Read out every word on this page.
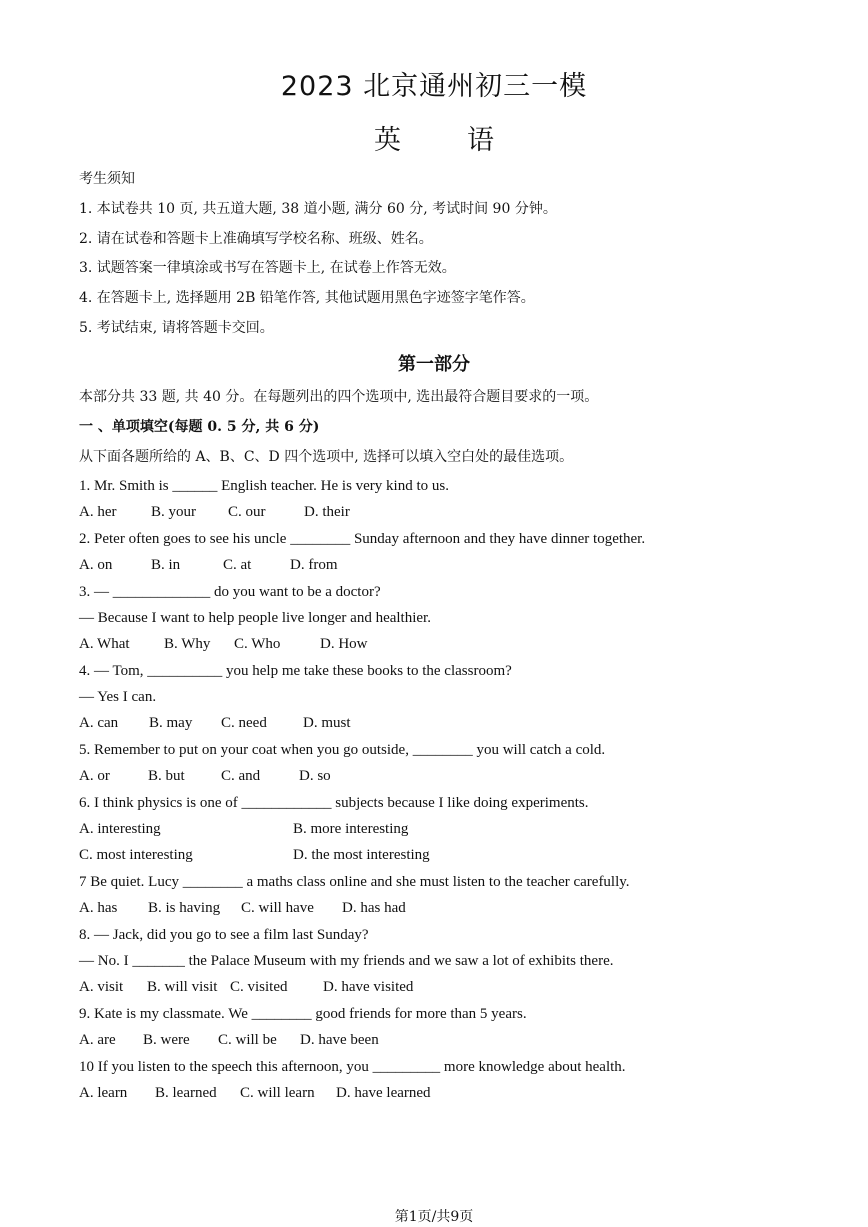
2023 北京通州初三一模
英 语
考生须知
1. 本试卷共 10 页, 共五道大题, 38 道小题, 满分 60 分, 考试时间 90 分钟。
2. 请在试卷和答题卡上准确填写学校名称、班级、姓名。
3. 试题答案一律填涂或书写在答题卡上, 在试卷上作答无效。
4. 在答题卡上, 选择题用 2B 铅笔作答, 其他试题用黑色字迹签字笔作答。
5. 考试结束, 请将答题卡交回。
第一部分
本部分共 33 题, 共 40 分。在每题列出的四个选项中, 选出最符合题目要求的一项。
一 、单项填空(每题 0. 5 分, 共 6 分)
从下面各题所给的 A、B、C、D 四个选项中, 选择可以填入空白处的最佳选项。
1. Mr. Smith is ______ English teacher. He is very kind to us.
A. her B. your C. our	D. their
2. Peter often goes to see his uncle ________ Sunday afternoon and they have dinner together.
A. on	B. in	C. at	D. from
3. — _____________ do you want to be a doctor?
— Because I want to help people live longer and healthier.
A. What B. Why C. Who	D. How
4. — Tom, __________ you help me take these books to the classroom?
— Yes I can.
A. can B. may C. need D. must
5. Remember to put on your coat when you go outside, ________ you will catch a cold.
A. or	B. but C. and	D. so
6. I think physics is one of ____________ subjects because I like doing experiments.
A. interesting	B. more interesting
C. most interesting	D. the most interesting
7 Be quiet. Lucy ________ a maths class online and she must listen to the teacher carefully.
A. has B. is having C. will have D. has had
8. — Jack, did you go to see a film last Sunday?
— No. I _______ the Palace Museum with my friends and we saw a lot of exhibits there.
A. visit B. will visit C. visited D. have visited
9. Kate is my classmate. We ________ good friends for more than 5 years.
A. are B. were C. will be D. have been
10 If you listen to the speech this afternoon, you _________ more knowledge about health.
A. learn B. learned C. will learn D. have learned
第1页/共9页
